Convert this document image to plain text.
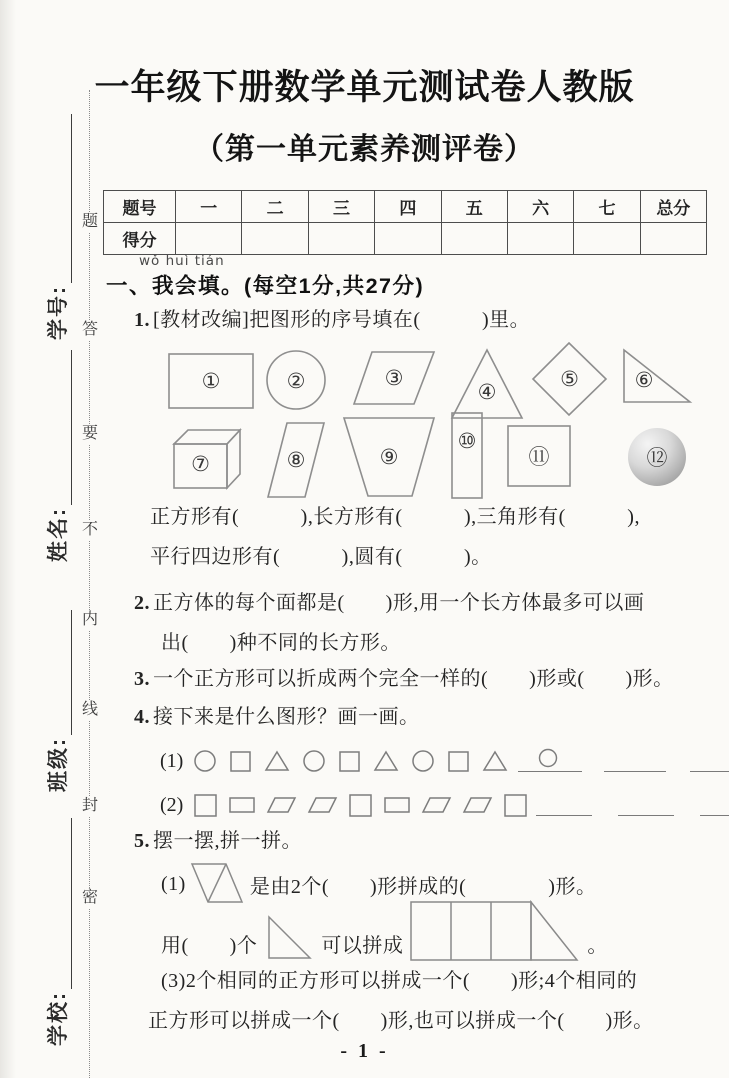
题
答
要
不
内
线
封
密
学号:
姓名:
班级:
学校:
一年级下册数学单元测试卷人教版
（第一单元素养测评卷）
题号	一	二	三	四	五	六	七	总分
得分								
wǒ huì tián
一、我会填。(每空1分,共27分)
1. [教材改编]把图形的序号填在(　　　)里。
①	②	③
④
⑤	⑥
⑦	⑧	⑨
⑩
⑪	⑫
正方形有(　　　),长方形有(　　　),三角形有(　　　),
平行四边形有(　　　),圆有(　　　)。
2. 正方体的每个面都是(　　)形,用一个长方体最多可以画
出(　　)种不同的长方形。
3. 一个正方形可以折成两个完全一样的(　　)形或(　　)形。
4. 接下来是什么图形？画一画。
(1)
(2)
5. 摆一摆,拼一拼。
(1)	是由2个(　　)形拼成的(　　　　)形。
用(　　)个	可以拼成	。
(3)2个相同的正方形可以拼成一个(　　)形;4个相同的
正方形可以拼成一个(　　)形,也可以拼成一个(　　)形。
- 1 -
